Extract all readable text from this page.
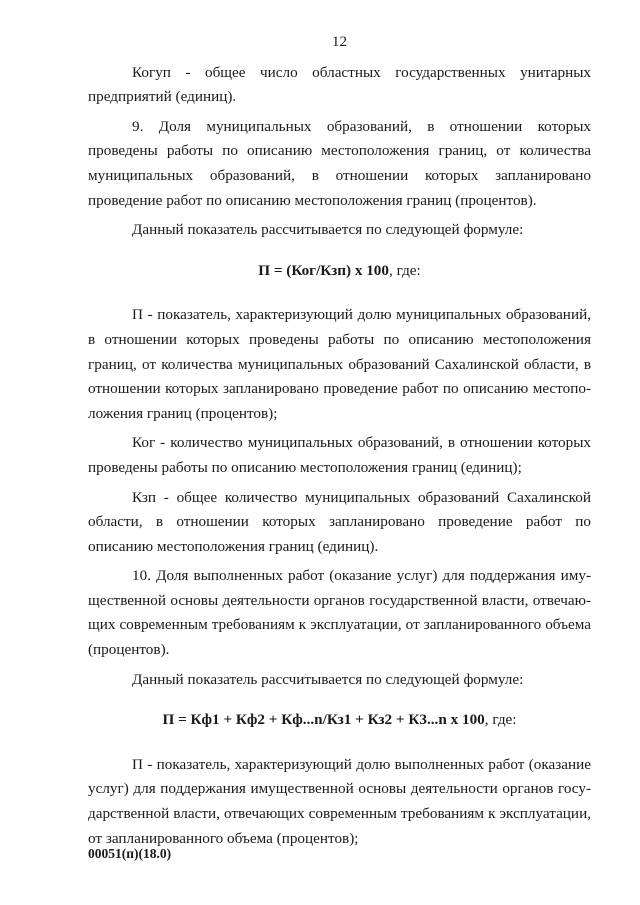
12

Когуп - общее число областных государственных унитарных предприятий (единиц).

9. Доля муниципальных образований, в отношении которых проведены работы по описанию местоположения границ, от количества муниципальных образований, в отношении которых запланировано проведение работ по описанию местоположения границ (процентов).

Данный показатель рассчитывается по следующей формуле:

П = (Ког/Кзп) х 100, где:

П - показатель, характеризующий долю муниципальных образований, в отношении которых проведены работы по описанию местоположения границ, от количества муниципальных образований Сахалинской области, в отношении которых запланировано проведение работ по описанию местоположения границ (процентов);

Ког - количество муниципальных образований, в отношении которых проведены работы по описанию местоположения границ (единиц);

Кзп - общее количество муниципальных образований Сахалинской области, в отношении которых запланировано проведение работ по описанию местоположения границ (единиц).

10. Доля выполненных работ (оказание услуг) для поддержания имущественной основы деятельности органов государственной власти, отвечающих современным требованиям к эксплуатации, от запланированного объема (процентов).

Данный показатель рассчитывается по следующей формуле:

П = Кф1 + Кф2 + Кф...n/Кз1 + Кз2 + К3...n х 100, где:

П - показатель, характеризующий долю выполненных работ (оказание услуг) для поддержания имущественной основы деятельности органов государственной власти, отвечающих современным требованиям к эксплуатации, от запланированного объема (процентов);

00051(п)(18.0)
